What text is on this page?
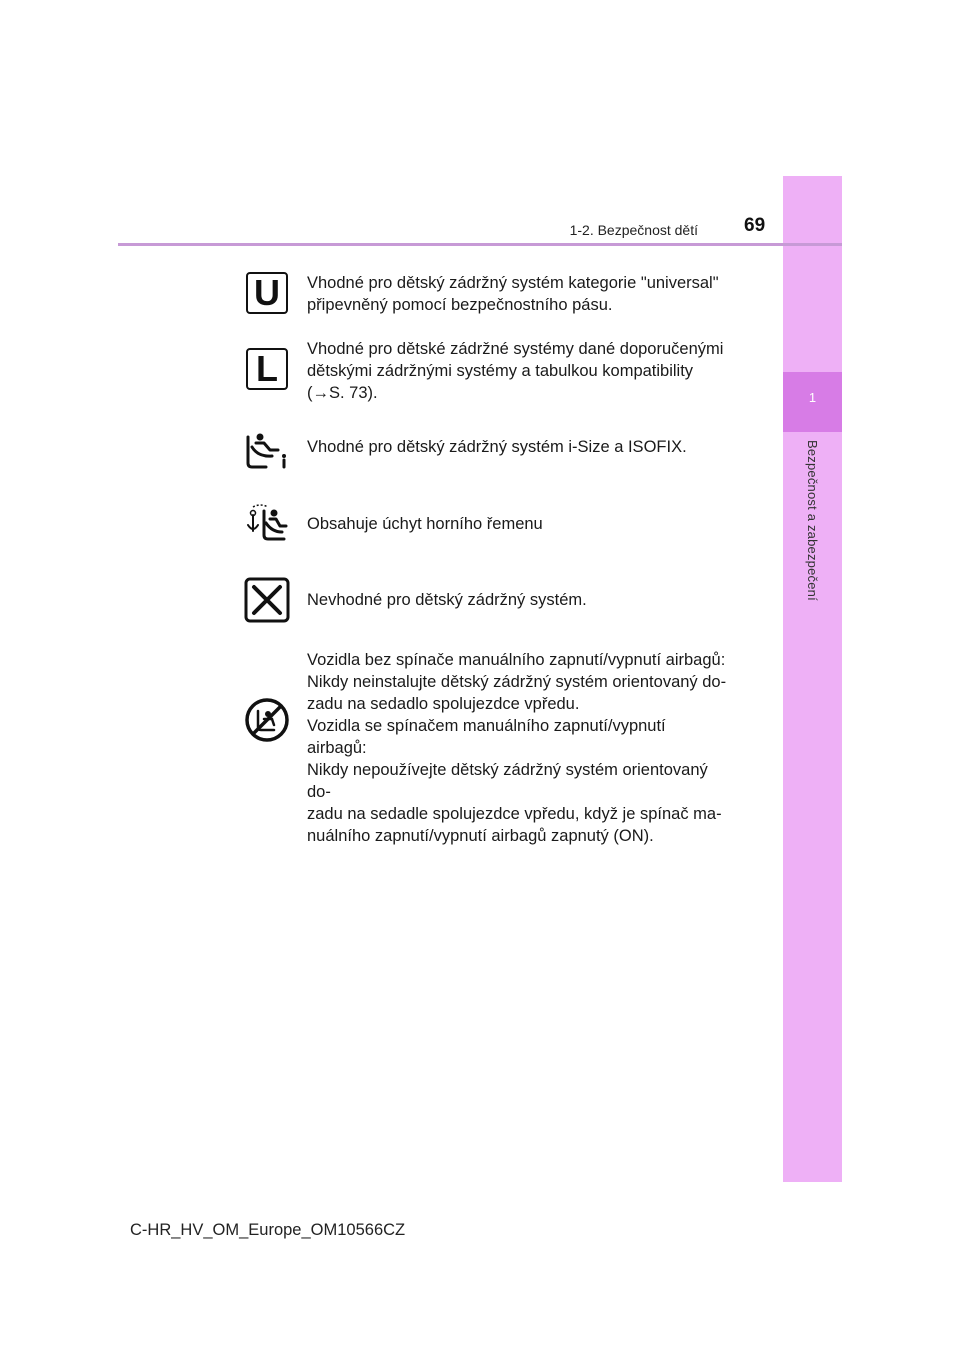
1
Bezpečnost a zabezpečení
1-2. Bezpečnost dětí 69
U	Vhodné pro dětský zádržný systém kategorie "universal"
připevněný pomocí bezpečnostního pásu.
L	Vhodné pro dětské zádržné systémy dané doporučenými
dětskými zádržnými systémy a tabulkou kompatibility
(→S. 73).
Vhodné pro dětský zádržný systém i-Size a ISOFIX.
Obsahuje úchyt horního řemenu
Nevhodné pro dětský zádržný systém.
Vozidla bez spínače manuálního zapnutí/vypnutí airbagů:
Nikdy neinstalujte dětský zádržný systém orientovaný do-
zadu na sedadlo spolujezdce vpředu.
Vozidla se spínačem manuálního zapnutí/vypnutí airbagů:
Nikdy nepoužívejte dětský zádržný systém orientovaný do-
zadu na sedadle spolujezdce vpředu, když je spínač ma-
nuálního zapnutí/vypnutí airbagů zapnutý (ON).
C-HR_HV_OM_Europe_OM10566CZ
